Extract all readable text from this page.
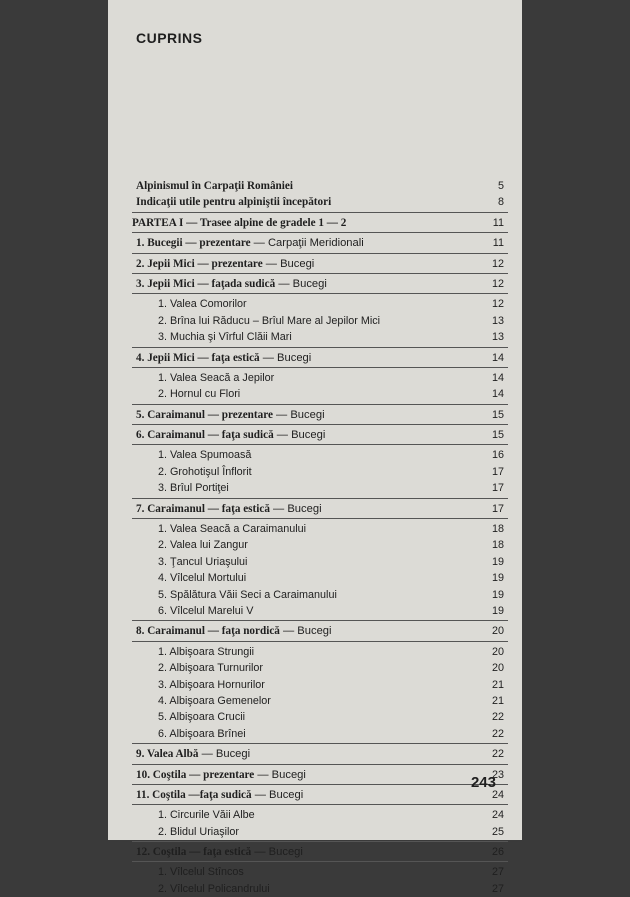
CUPRINS
Alpinismul în Carpaţii României	5
Indicaţii utile pentru alpiniştii începători	8
PARTEA I — Trasee alpine de gradele 1 — 2	11
1. Bucegii — prezentare — Carpaţii Meridionali	11
2. Jepii Mici — prezentare — Bucegi	12
3. Jepii Mici — faţada sudică — Bucegi	12
1. Valea Comorilor	12
2. Brîna lui Răducu – Brîul Mare al Jepilor Mici	13
3. Muchia şi Vîrful Clăii Mari	13
4. Jepii Mici — faţa estică — Bucegi	14
1. Valea Seacă a Jepilor	14
2. Hornul cu Flori	14
5. Caraimanul — prezentare — Bucegi	15
6. Caraimanul — faţa sudică — Bucegi	15
1. Valea Spumoasă	16
2. Grohotişul Înflorit	17
3. Brîul Portiţei	17
7. Caraimanul — faţa estică — Bucegi	17
1. Valea Seacă a Caraimanului	18
2. Valea lui Zangur	18
3. Ţancul Uriaşului	19
4. Vîlcelul Mortului	19
5. Spălătura Văii Seci a Caraimanului	19
6. Vîlcelul Marelui V	19
8. Caraimanul — faţa nordică — Bucegi	20
1. Albişoara Strungii	20
2. Albişoara Turnurilor	20
3. Albişoara Hornurilor	21
4. Albişoara Gemenelor	21
5. Albişoara Crucii	22
6. Albişoara Brînei	22
9. Valea Albă — Bucegi	22
10. Coştila — prezentare — Bucegi	23
11. Coştila —faţa sudică — Bucegi	24
1. Circurile Văii Albe	24
2. Blidul Uriaşilor	25
12. Coştila — faţa estică — Bucegi	26
1. Vîlcelul Stîncos	27
2. Vîlcelul Policandrului	27
243
